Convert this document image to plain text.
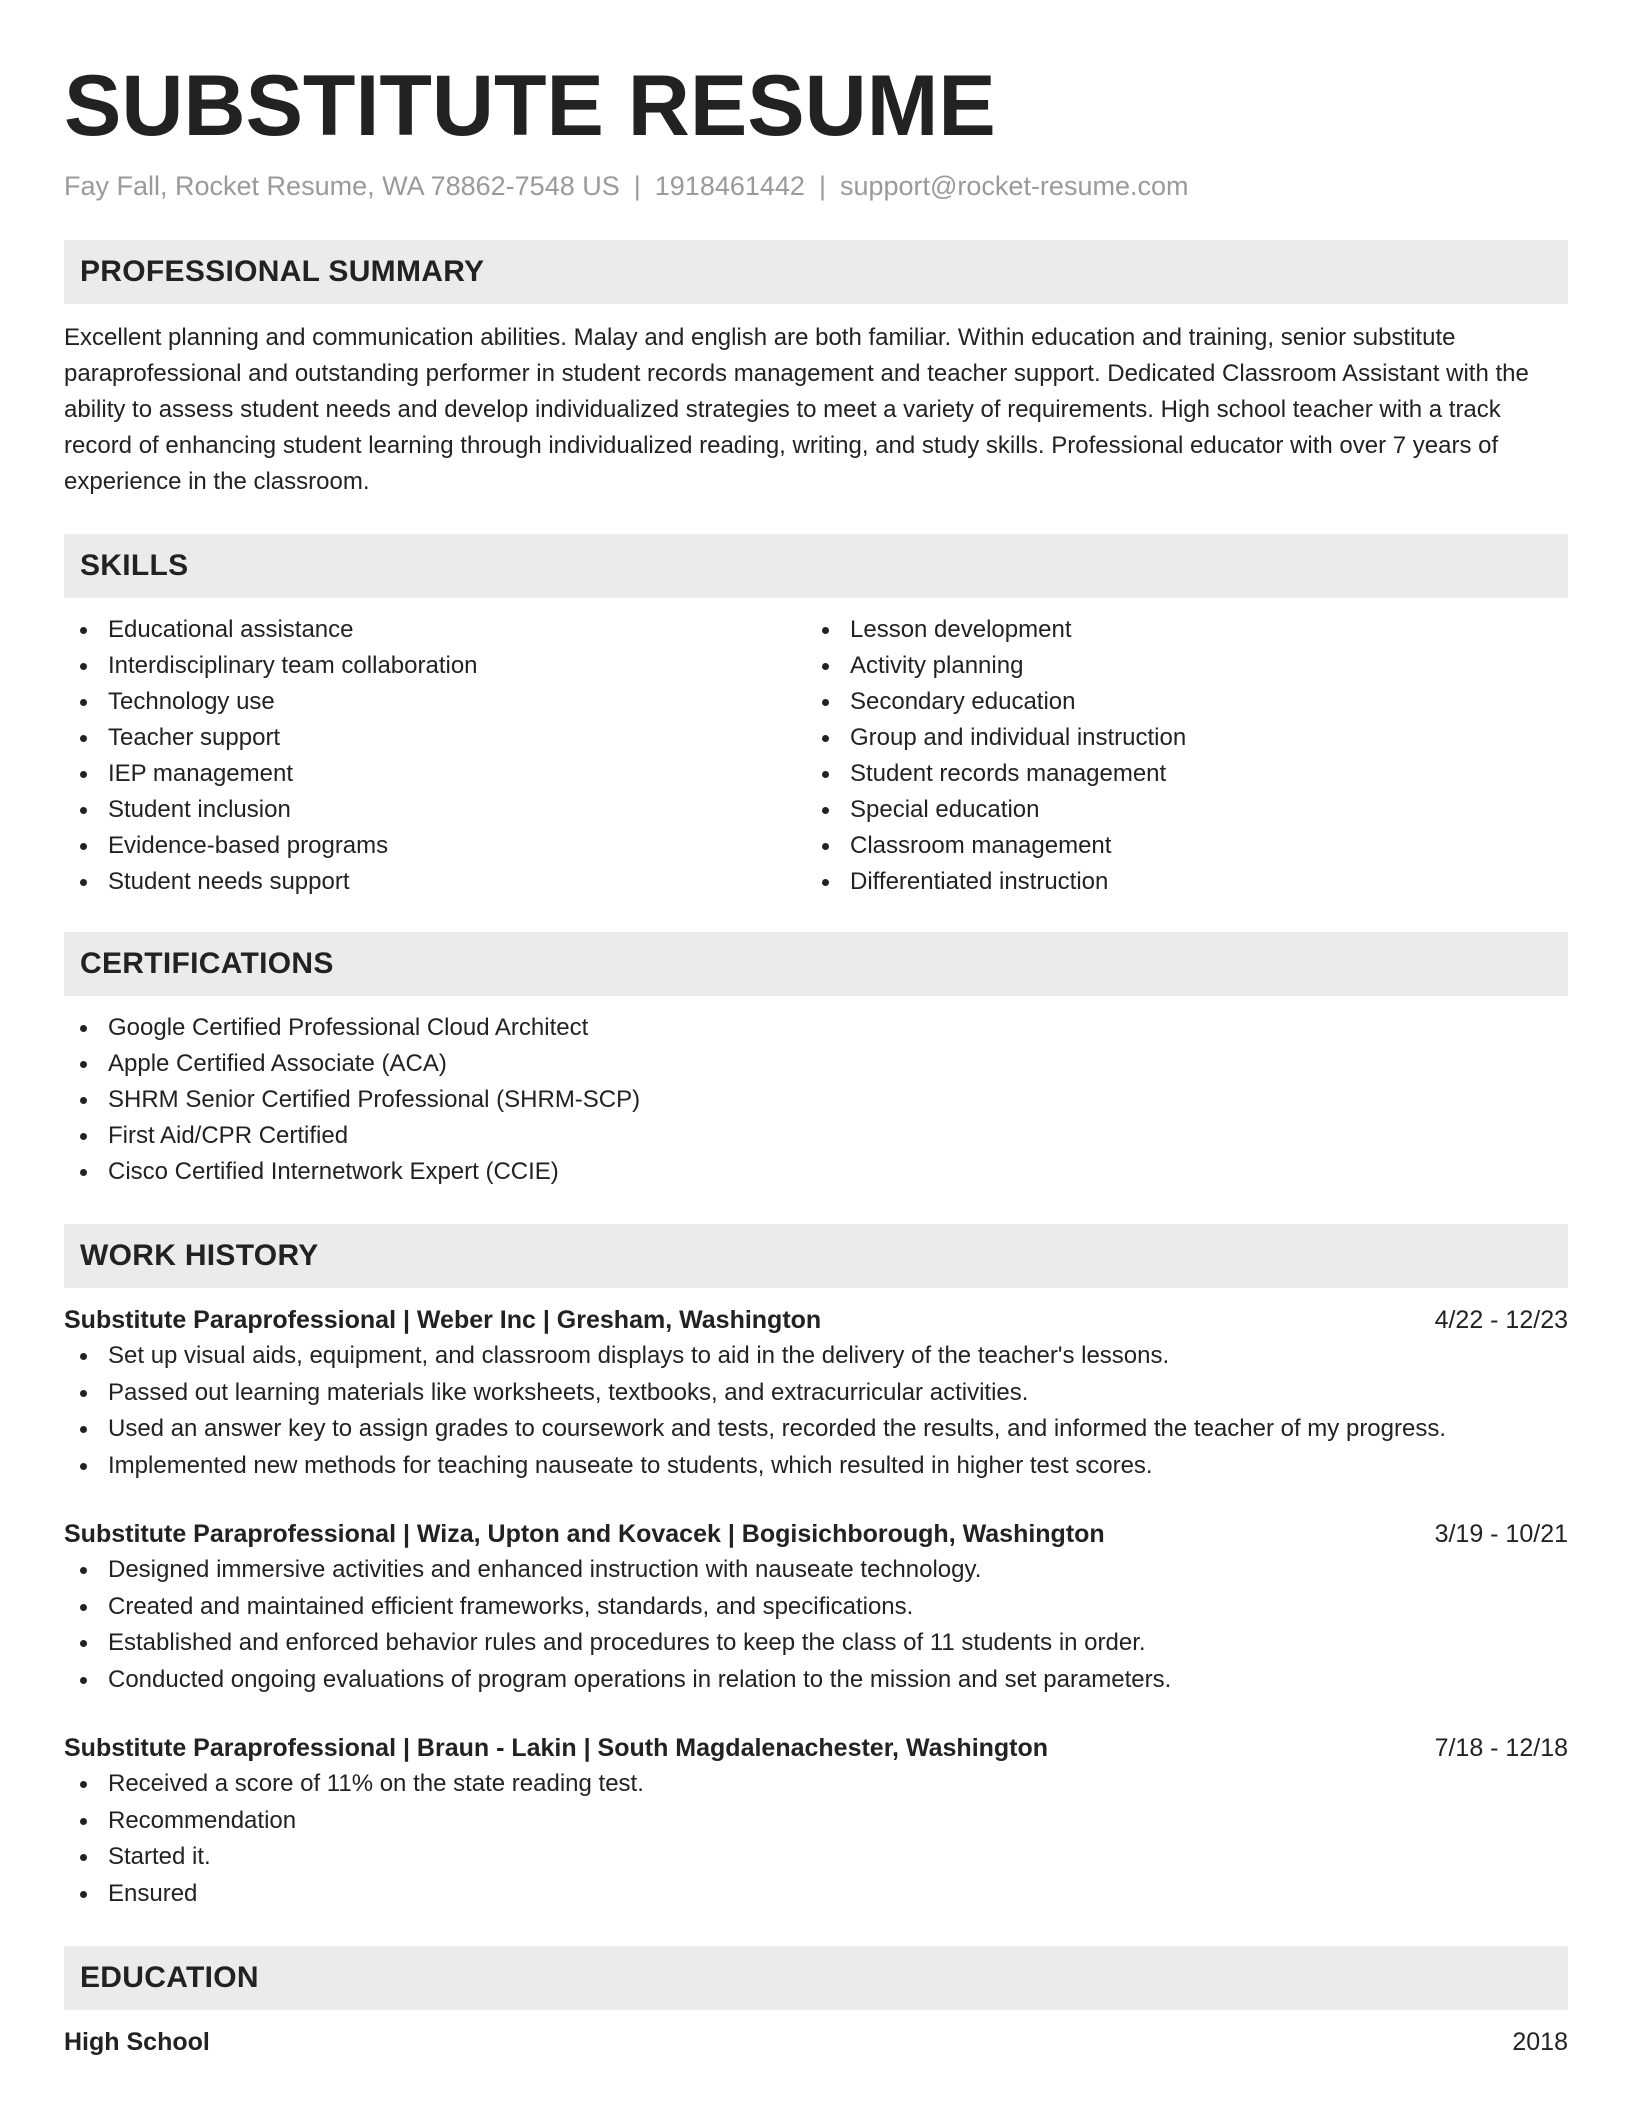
SUBSTITUTE RESUME
Fay Fall, Rocket Resume, WA 78862-7548 US | 1918461442 | support@rocket-resume.com
PROFESSIONAL SUMMARY
Excellent planning and communication abilities. Malay and english are both familiar. Within education and training, senior substitute paraprofessional and outstanding performer in student records management and teacher support. Dedicated Classroom Assistant with the ability to assess student needs and develop individualized strategies to meet a variety of requirements. High school teacher with a track record of enhancing student learning through individualized reading, writing, and study skills. Professional educator with over 7 years of experience in the classroom.
SKILLS
Educational assistance
Interdisciplinary team collaboration
Technology use
Teacher support
IEP management
Student inclusion
Evidence-based programs
Student needs support
Lesson development
Activity planning
Secondary education
Group and individual instruction
Student records management
Special education
Classroom management
Differentiated instruction
CERTIFICATIONS
Google Certified Professional Cloud Architect
Apple Certified Associate (ACA)
SHRM Senior Certified Professional (SHRM-SCP)
First Aid/CPR Certified
Cisco Certified Internetwork Expert (CCIE)
WORK HISTORY
Substitute Paraprofessional | Weber Inc | Gresham, Washington	4/22 - 12/23
Set up visual aids, equipment, and classroom displays to aid in the delivery of the teacher's lessons.
Passed out learning materials like worksheets, textbooks, and extracurricular activities.
Used an answer key to assign grades to coursework and tests, recorded the results, and informed the teacher of my progress.
Implemented new methods for teaching nauseate to students, which resulted in higher test scores.
Substitute Paraprofessional | Wiza, Upton and Kovacek | Bogisichborough, Washington	3/19 - 10/21
Designed immersive activities and enhanced instruction with nauseate technology.
Created and maintained efficient frameworks, standards, and specifications.
Established and enforced behavior rules and procedures to keep the class of 11 students in order.
Conducted ongoing evaluations of program operations in relation to the mission and set parameters.
Substitute Paraprofessional | Braun - Lakin | South Magdalenachester, Washington	7/18 - 12/18
Received a score of 11% on the state reading test.
Recommendation
Started it.
Ensured
EDUCATION
High School	2018
